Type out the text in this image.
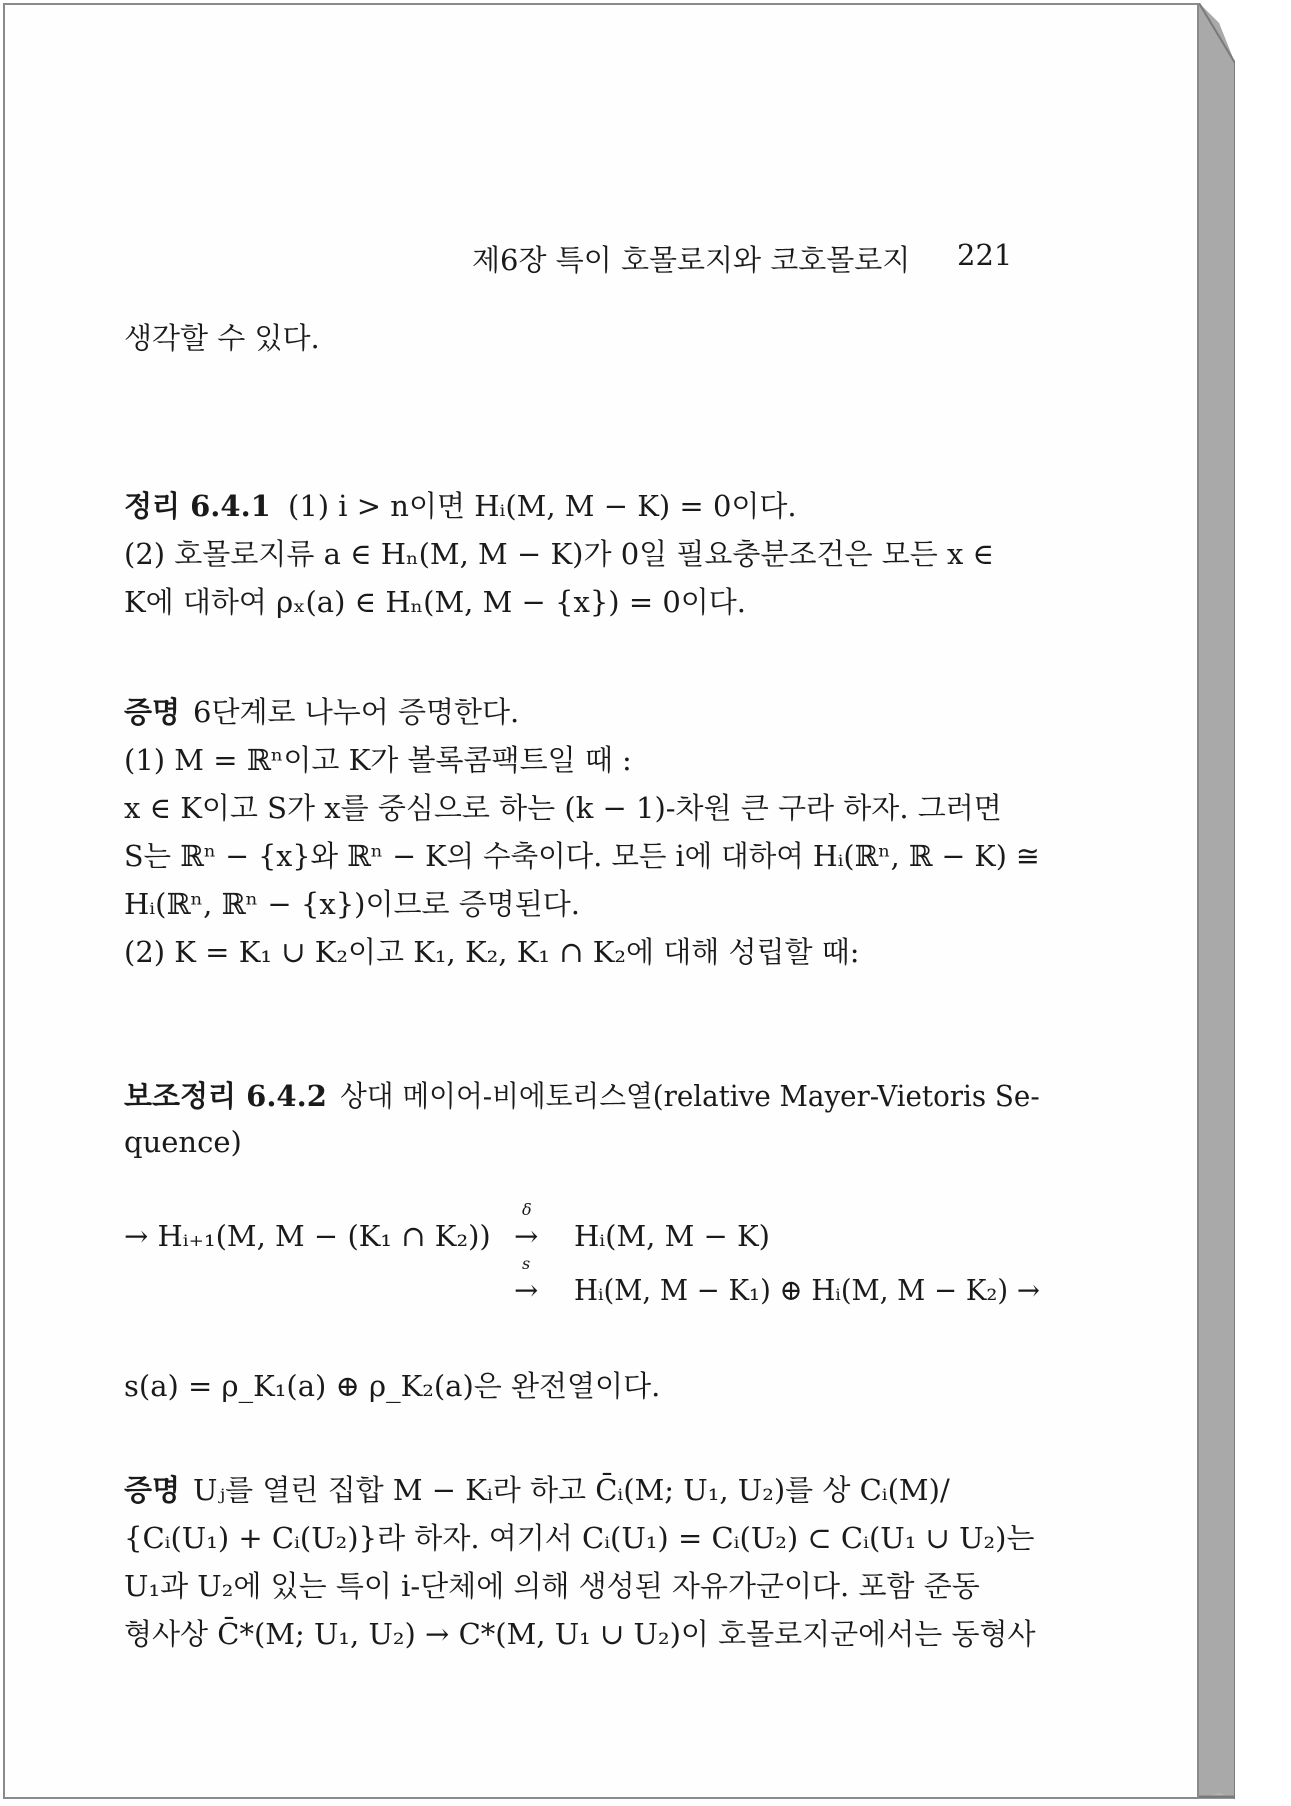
제6장 특이 호몰로지와 코호몰로지 221
생각할 수 있다.
정리 6.4.1 (1) i > n이면 Hᵢ(M, M − K) = 0이다.
(2) 호몰로지류 a ∈ Hₙ(M, M − K)가 0일 필요충분조건은 모든 x ∈
K에 대하여 ρₓ(a) ∈ Hₙ(M, M − {x}) = 0이다.
증명 6단계로 나누어 증명한다.
(1) M = ℝⁿ이고 K가 볼록콤팩트일 때 :
x ∈ K이고 S가 x를 중심으로 하는 (k − 1)-차원 큰 구라 하자. 그러면
S는 ℝⁿ − {x}와 ℝⁿ − K의 수축이다. 모든 i에 대하여 Hᵢ(ℝⁿ, ℝ − K) ≅
Hᵢ(ℝⁿ, ℝⁿ − {x})이므로 증명된다.
(2) K = K₁ ∪ K₂이고 K₁, K₂, K₁ ∩ K₂에 대해 성립할 때:
보조정리 6.4.2 상대 메이어-비에토리스열(relative Mayer-Vietoris Se-
quence)
→ Hᵢ₊₁(M, M − (K₁ ∩ K₂)) →
δ
Hᵢ(M, M − K)
→
s
Hᵢ(M, M − K₁) ⊕ Hᵢ(M, M − K₂) →
s(a) = ρ_K₁(a) ⊕ ρ_K₂(a)은 완전열이다.
증명 Uⱼ를 열린 집합 M − Kᵢ라 하고 C̄ᵢ(M; U₁, U₂)를 상 Cᵢ(M)/
{Cᵢ(U₁) + Cᵢ(U₂)}라 하자. 여기서 Cᵢ(U₁) = Cᵢ(U₂) ⊂ Cᵢ(U₁ ∪ U₂)는
U₁과 U₂에 있는 특이 i-단체에 의해 생성된 자유가군이다. 포함 준동
형사상 C̄*(M; U₁, U₂) → C*(M, U₁ ∪ U₂)이 호몰로지군에서는 동형사
